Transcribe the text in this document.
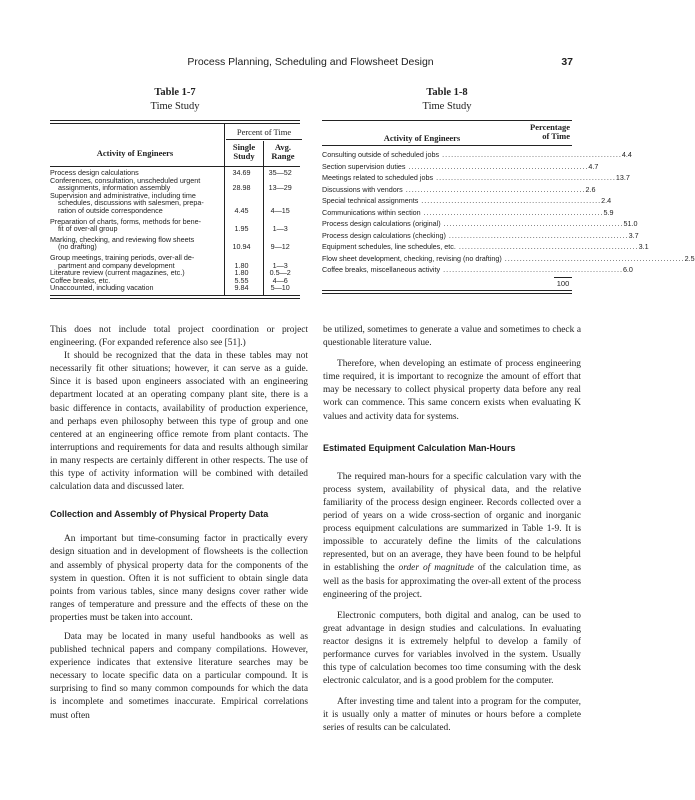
Process Planning, Scheduling and Flowsheet Design	37
Table 1-7
Time Study
Table 1-8
Time Study
Activity of Engineers
Percent of Time
Single Study
Avg. Range
Process design calculations	34.69	35—52
Conferences, consultation, unscheduled urgent
assignments, information assembly	28.98	13—29
Supervision and administrative, including time
schedules, discussions with salesmen, prepa-
ration of outside correspondence	4.45	4—15
Preparation of charts, forms, methods for bene-
fit of over-all group	1.95	1—3
Marking, checking, and reviewing flow sheets
(no drafting)	10.94	9—12
Group meetings, training periods, over-all de-
partment and company development	1.80	1—3
Literature review (current magazines, etc.)	1.80	0.5—2
Coffee breaks, etc.	5.55	4—6
Unaccounted, including vacation	9.84	5—10
Activity of Engineers
Percentage
of Time
Consulting outside of scheduled jobs ............................................................ 4.4
Section supervision duties ............................................................ 4.7
Meetings related to scheduled jobs ............................................................ 13.7
Discussions with vendors ............................................................ 2.6
Special technical assignments ............................................................ 2.4
Communications within section ............................................................ 5.9
Process design calculations (original) ............................................................ 51.0
Process design calculations (checking) ............................................................ 3.7
Equipment schedules, line schedules, etc. ............................................................ 3.1
Flow sheet development, checking, revising (no drafting) ............................................................ 2.5
Coffee breaks, miscellaneous activity ............................................................ 6.0
100

This does not include total project coordination or project engineering. (For expanded reference also see [51].)

It should be recognized that the data in these tables may not necessarily fit other situations; however, it can serve as a guide. Since it is based upon engineers associated with an engineering department located at an operating company plant site, there is a basic difference in contacts, availability of production experience, and perhaps even philosophy between this type of group and one centered at an engineering office remote from plant contacts. The interruptions and requirements for data and results although similar in many respects are certainly different in other respects. The use of this type of activity information will be combined with detailed calculation data and discussed later.

Collection and Assembly of Physical Property Data

An important but time-consuming factor in practically every design situation and in development of flowsheets is the collection and assembly of physical property data for the components of the system in question. Often it is not sufficient to obtain single data points from various tables, since many designs cover rather wide ranges of temperature and pressure and the effects of these on the properties must be taken into account.

Data may be located in many useful handbooks as well as published technical papers and company compilations. However, experience indicates that extensive literature searches may be necessary to locate specific data on a particular compound. It is surprising to find so many common compounds for which the data is incomplete and sometimes inaccurate. Empirical correlations must often

be utilized, sometimes to generate a value and sometimes to check a questionable literature value.

Therefore, when developing an estimate of process engineering time required, it is important to recognize the amount of effort that may be necessary to collect physical property data before any real work can commence. This same concern exists when evaluating K values and activity data for systems.

Estimated Equipment Calculation Man-Hours

The required man-hours for a specific calculation vary with the process system, availability of physical data, and the relative familiarity of the process design engineer. Records collected over a period of years on a wide cross-section of organic and inorganic process equipment calculations are summarized in Table 1-9. It is impossible to accurately define the limits of the calculations represented, but on an average, they have been found to be helpful in establishing the order of magnitude of the calculation time, as well as the basis for approximating the over-all extent of the process engineering of the project.

Electronic computers, both digital and analog, can be used to great advantage in design studies and calculations. In evaluating reactor designs it is extremely helpful to develop a family of performance curves for variables involved in the system. Usually this type of calculation becomes too time consuming with the desk electronic calculator, and is a good problem for the computer.

After investing time and talent into a program for the computer, it is usually only a matter of minutes or hours before a complete series of results can be calculated.
